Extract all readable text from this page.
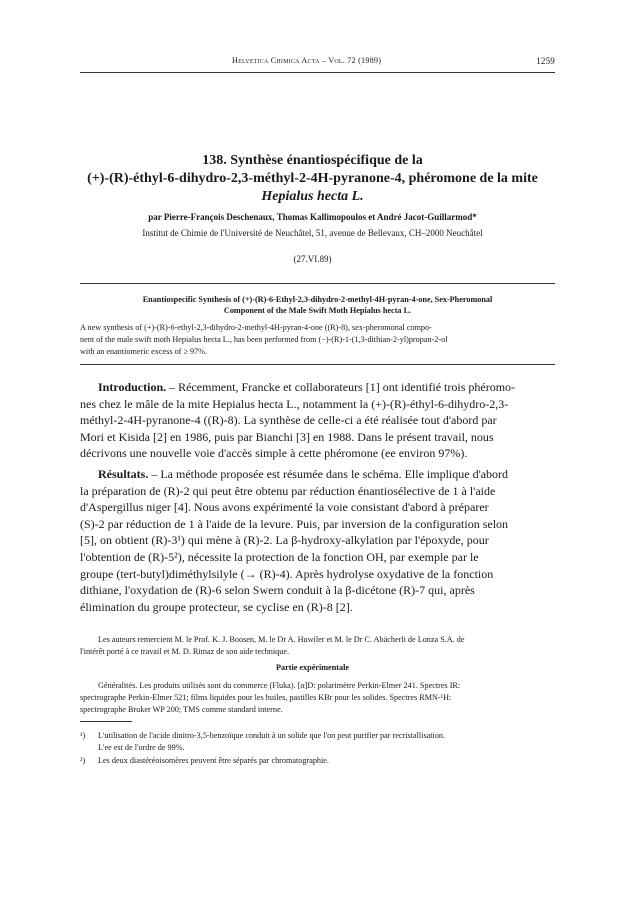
Helvetica Chimica Acta – Vol. 72 (1989)	1259
138. Synthèse énantiospécifique de la
(+)-(R)-éthyl-6-dihydro-2,3-méthyl-2-4H-pyranone-4, phéromone de la mite
Hepialus hecta L.
par Pierre-François Deschenaux, Thomas Kallimopoulos et André Jacot-Guillarmod*
Institut de Chimie de l'Université de Neuchâtel, 51, avenue de Bellevaux, CH–2000 Neuchâtel
(27.VI.89)
Enantiospecific Synthesis of (+)-(R)-6-Ethyl-2,3-dihydro-2-methyl-4H-pyran-4-one, Sex-Pheromonal
Component of the Male Swift Moth Hepialus hecta L.
A new synthesis of (+)-(R)-6-ethyl-2,3-dihydro-2-methyl-4H-pyran-4-one ((R)-8), sex-pheromonal compo-
nent of the male swift moth Hepialus hecta L., has been performed from (−)-(R)-1-(1,3-dithian-2-yl)propan-2-ol
with an enantiomeric excess of ≥ 97%.
Introduction. – Récemment, Francke et collaborateurs [1] ont identifié trois phéromo-
nes chez le mâle de la mite Hepialus hecta L., notamment la (+)-(R)-éthyl-6-dihydro-2,3-
méthyl-2-4H-pyranone-4 ((R)-8). La synthèse de celle-ci a été réalisée tout d'abord par
Mori et Kisida [2] en 1986, puis par Bianchi [3] en 1988. Dans le présent travail, nous
décrivons une nouvelle voie d'accès simple à cette phéromone (ee environ 97%).
Résultats. – La méthode proposée est résumée dans le schéma. Elle implique d'abord
la préparation de (R)-2 qui peut être obtenu par réduction énantiosélective de 1 à l'aide
d'Aspergillus niger [4]. Nous avons expérimenté la voie consistant d'abord à préparer
(S)-2 par réduction de 1 à l'aide de la levure. Puis, par inversion de la configuration selon
[5], on obtient (R)-3¹) qui mène à (R)-2. La β-hydroxy-alkylation par l'époxyde, pour
l'obtention de (R)-5²), nécessite la protection de la fonction OH, par exemple par le
groupe (tert-butyl)diméthylsilyle (→ (R)-4). Après hydrolyse oxydative de la fonction
dithiane, l'oxydation de (R)-6 selon Swern conduit à la β-dicétone (R)-7 qui, après
élimination du groupe protecteur, se cyclise en (R)-8 [2].
Les auteurs remercient M. le Prof. K. J. Boosen, M. le Dr A. Huwiler et M. le Dr C. Abächerli de Lonza S.A. de
l'intérêt porté à ce travail et M. D. Rimaz de son aide technique.
Partie expérimentale
Généralités. Les produits utilisés sont du commerce (Fluka). [α]D: polarimètre Perkin-Elmer 241. Spectres IR:
spectrographe Perkin-Elmer 521; films liquides pour les huiles, pastilles KBr pour les solides. Spectres RMN-¹H:
spectrographe Bruker WP 200; TMS comme standard interne.
¹) L'utilisation de l'acide dinitro-3,5-benzoïque conduit à un solide que l'on peut purifier par recristallisation.
L'ee est de l'ordre de 99%.
²) Les deux diastéréoisomères peuvent être séparés par chromatographie.
